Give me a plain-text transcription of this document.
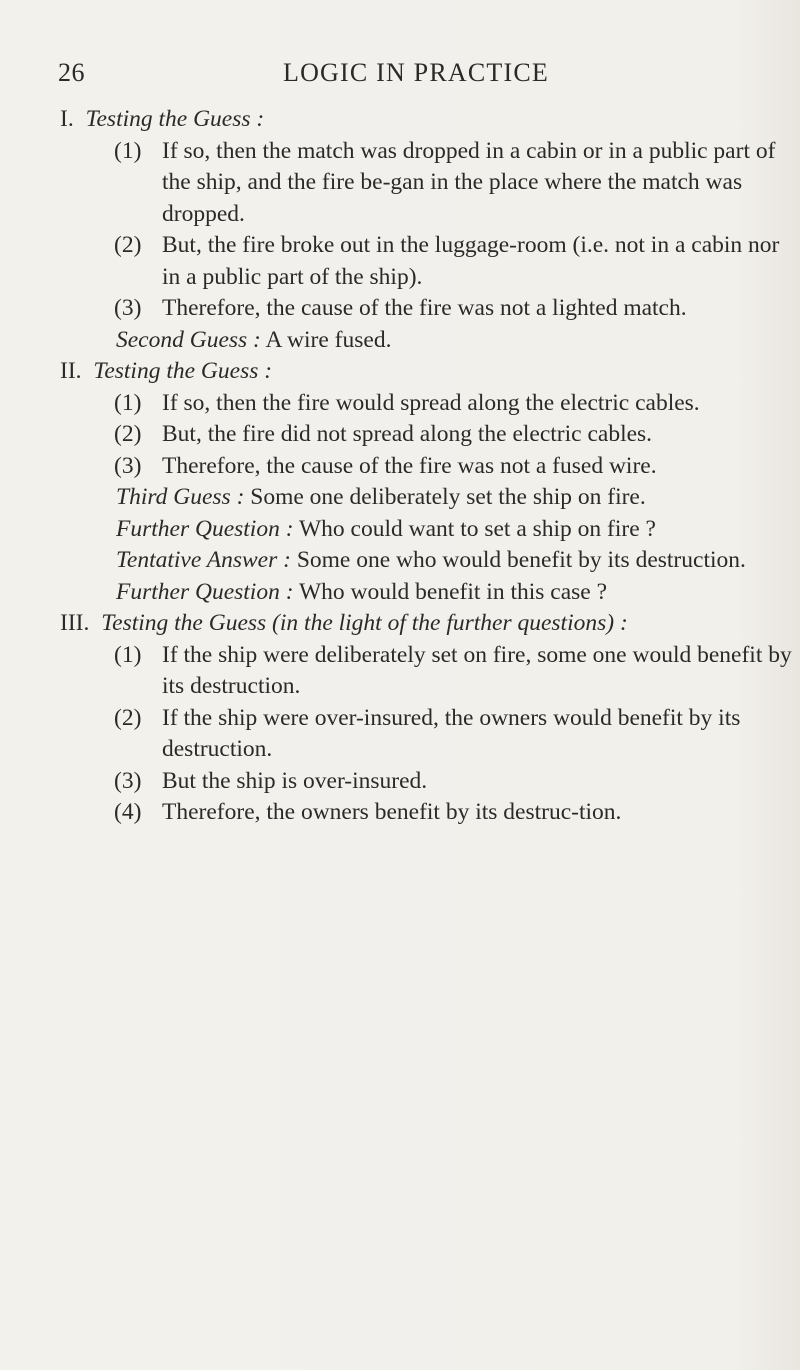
26	LOGIC IN PRACTICE
I. Testing the Guess :
(1) If so, then the match was dropped in a cabin or in a public part of the ship, and the fire be-gan in the place where the match was dropped.
(2) But, the fire broke out in the luggage-room (i.e. not in a cabin nor in a public part of the ship).
(3) Therefore, the cause of the fire was not a lighted match.
Second Guess : A wire fused.
II. Testing the Guess :
(1) If so, then the fire would spread along the electric cables.
(2) But, the fire did not spread along the electric cables.
(3) Therefore, the cause of the fire was not a fused wire.
Third Guess : Some one deliberately set the ship on fire.
Further Question : Who could want to set a ship on fire ?
Tentative Answer : Some one who would benefit by its destruction.
Further Question : Who would benefit in this case ?
III. Testing the Guess (in the light of the further questions) :
(1) If the ship were deliberately set on fire, some one would benefit by its destruction.
(2) If the ship were over-insured, the owners would benefit by its destruction.
(3) But the ship is over-insured.
(4) Therefore, the owners benefit by its destruc-tion.
